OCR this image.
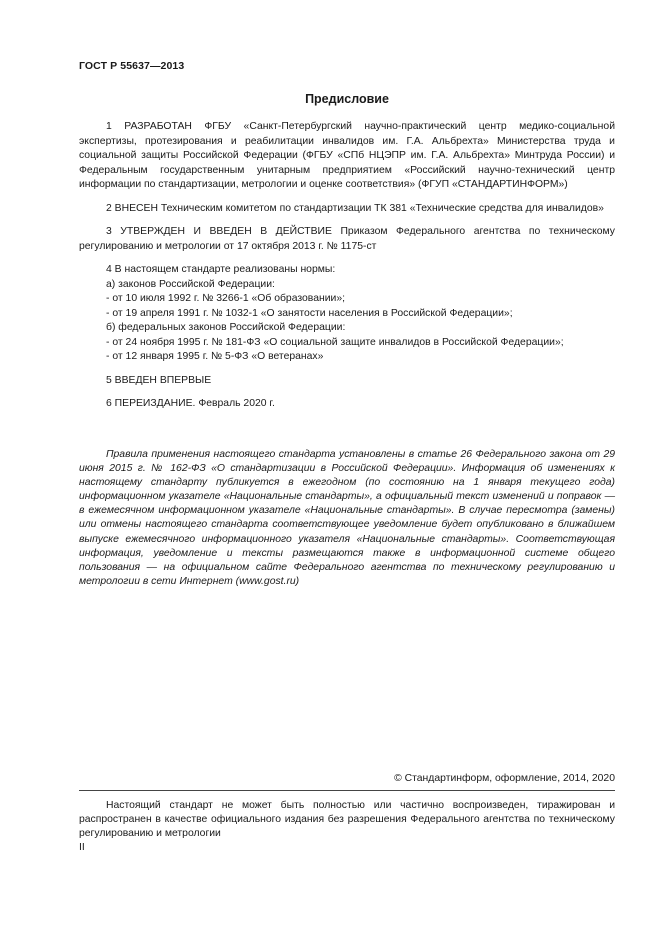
ГОСТ Р 55637—2013
Предисловие

1 РАЗРАБОТАН ФГБУ «Санкт-Петербургский научно-практический центр медико-социальной экспертизы, протезирования и реабилитации инвалидов им. Г.А. Альбрехта» Министерства труда и социальной защиты Российской Федерации (ФГБУ «СПб НЦЭПР им. Г.А. Альбрехта» Минтруда России) и Федеральным государственным унитарным предприятием «Российский научно-технический центр информации по стандартизации, метрологии и оценке соответствия» (ФГУП «СТАНДАРТИНФОРМ»)

2 ВНЕСЕН Техническим комитетом по стандартизации ТК 381 «Технические средства для инвалидов»

3 УТВЕРЖДЕН И ВВЕДЕН В ДЕЙСТВИЕ Приказом Федерального агентства по техническому регулированию и метрологии от 17 октября 2013 г. № 1175-ст

4 В настоящем стандарте реализованы нормы:
а) законов Российской Федерации:
- от 10 июля 1992 г. № 3266-1 «Об образовании»;
- от 19 апреля 1991 г. № 1032-1 «О занятости населения в Российской Федерации»;
б) федеральных законов Российской Федерации:
- от 24 ноября 1995 г. № 181-ФЗ «О социальной защите инвалидов в Российской Федерации»;
- от 12 января 1995 г. № 5-ФЗ «О ветеранах»

5 ВВЕДЕН ВПЕРВЫЕ

6 ПЕРЕИЗДАНИЕ. Февраль 2020 г.

Правила применения настоящего стандарта установлены в статье 26 Федерального закона от 29 июня 2015 г. № 162-ФЗ «О стандартизации в Российской Федерации». Информация об изменениях к настоящему стандарту публикуется в ежегодном (по состоянию на 1 января текущего года) информационном указателе «Национальные стандарты», а официальный текст изменений и поправок — в ежемесячном информационном указателе «Национальные стандарты». В случае пересмотра (замены) или отмены настоящего стандарта соответствующее уведомление будет опубликовано в ближайшем выпуске ежемесячного информационного указателя «Национальные стандарты». Соответствующая информация, уведомление и тексты размещаются также в информационной системе общего пользования — на официальном сайте Федерального агентства по техническому регулированию и метрологии в сети Интернет (www.gost.ru)
© Стандартинформ, оформление, 2014, 2020
Настоящий стандарт не может быть полностью или частично воспроизведен, тиражирован и распространен в качестве официального издания без разрешения Федерального агентства по техническому регулированию и метрологии
II
